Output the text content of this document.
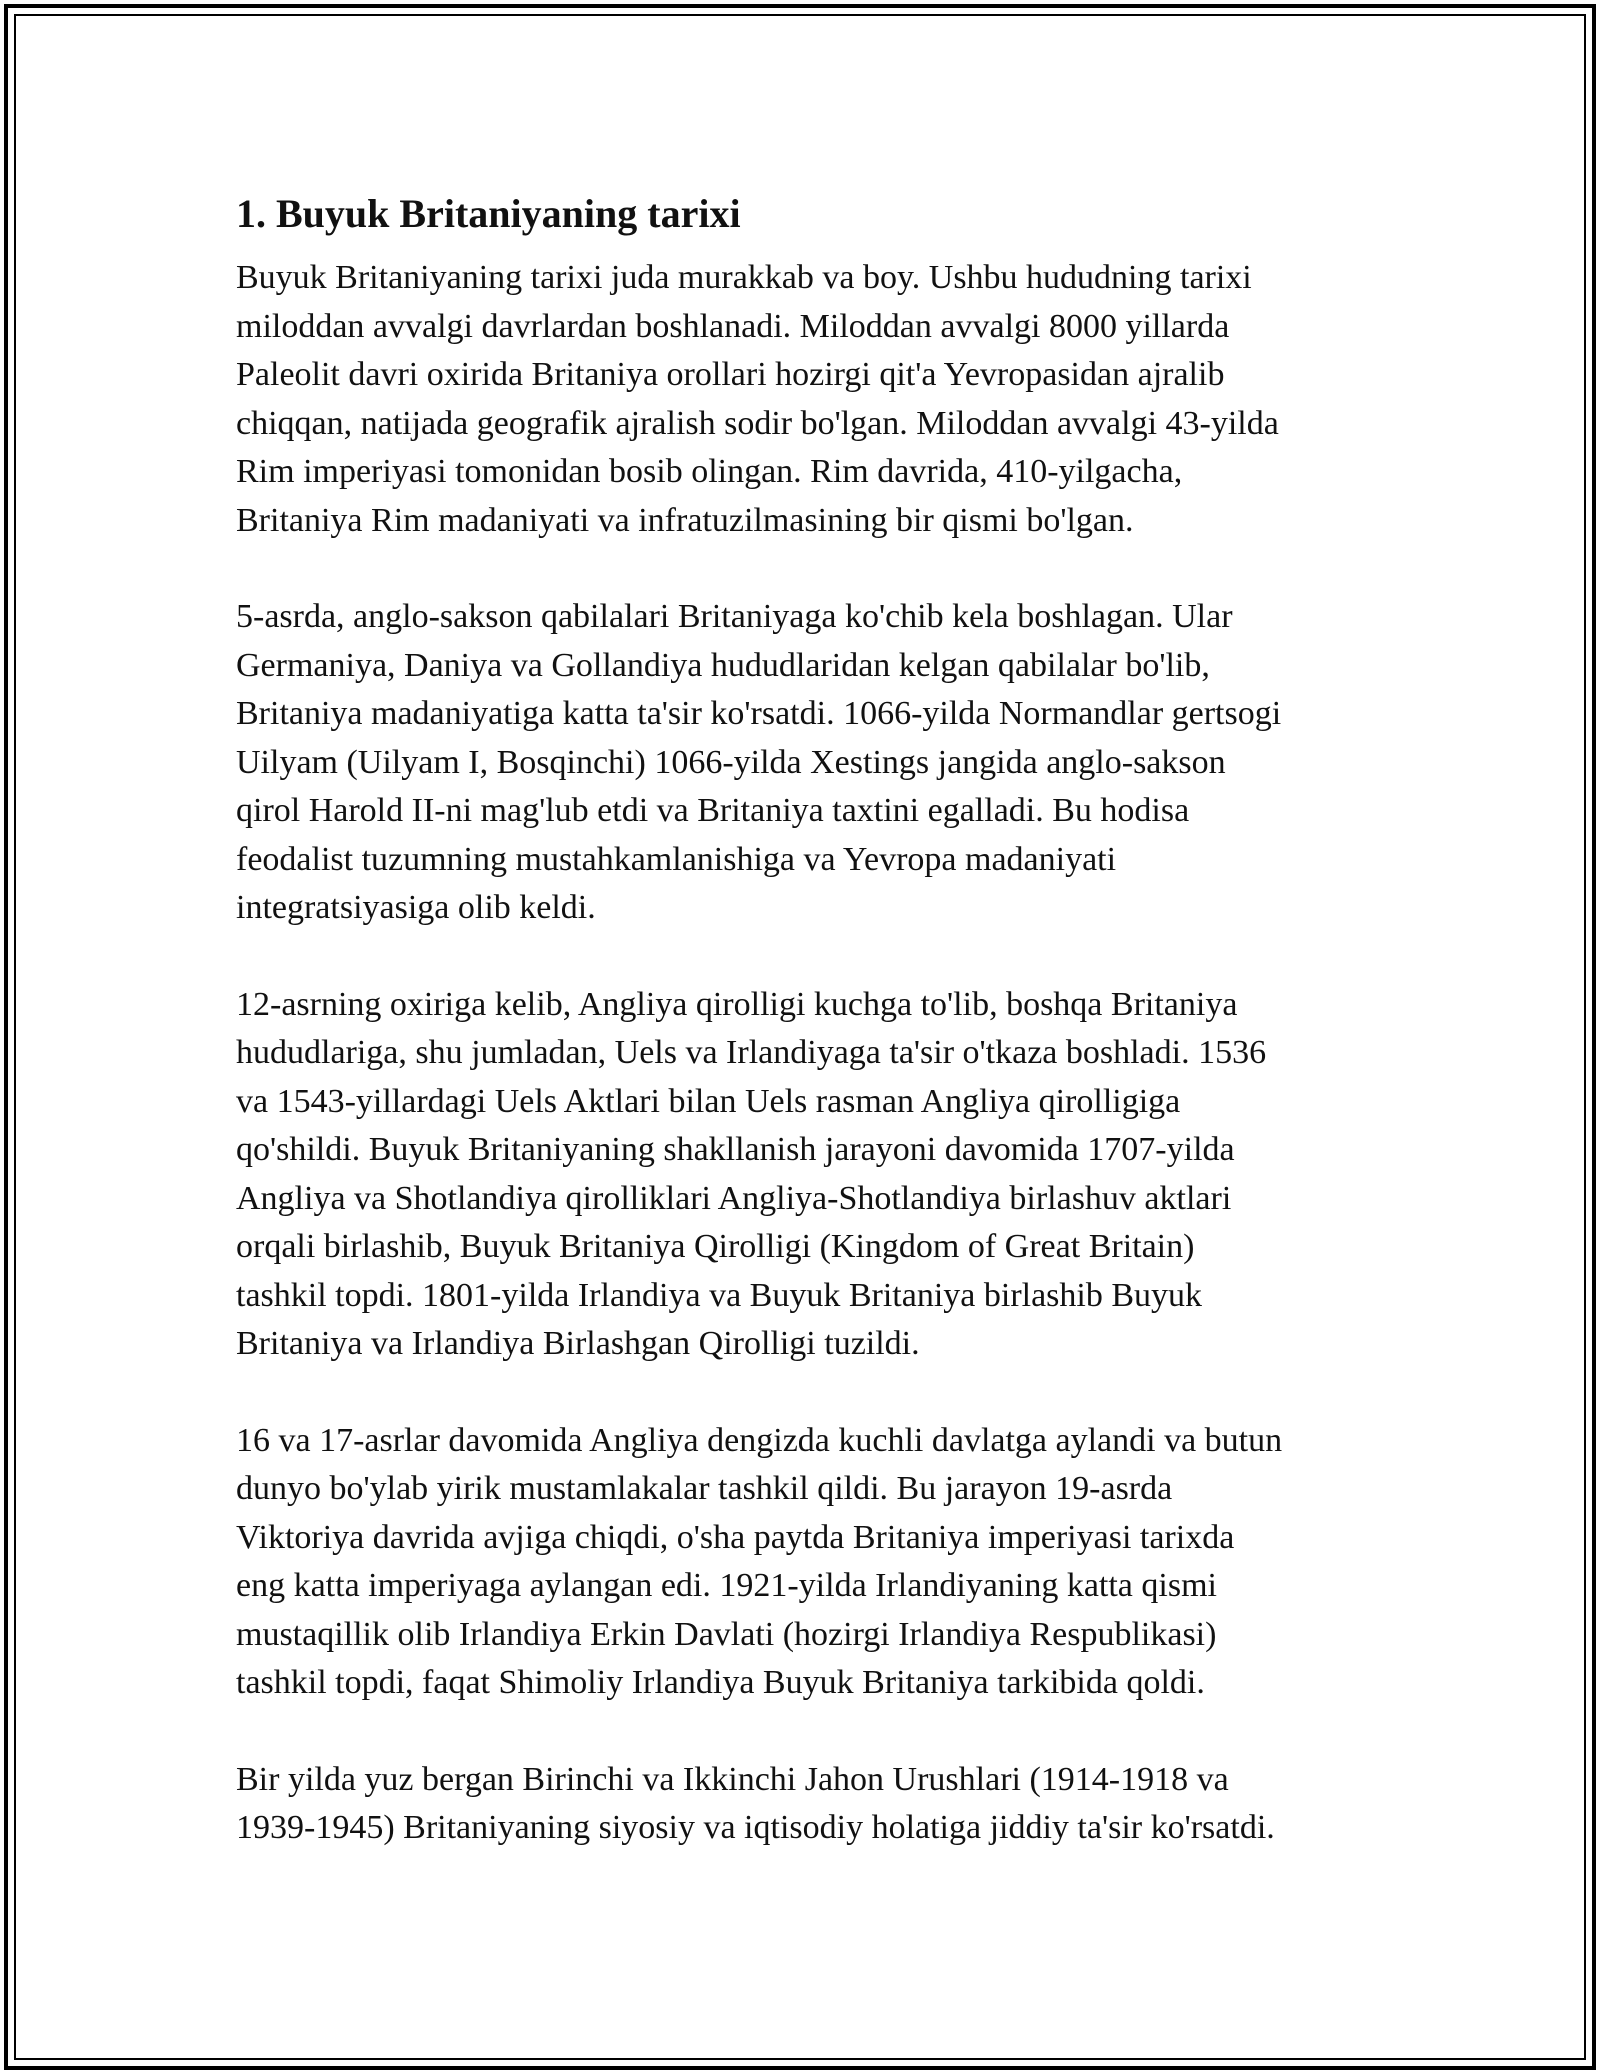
1. Buyuk Britaniyaning tarixi
Buyuk Britaniyaning tarixi juda murakkab va boy. Ushbu hududning tarixi
miloddan avvalgi davrlardan boshlanadi. Miloddan avvalgi 8000 yillarda
Paleolit davri oxirida Britaniya orollari hozirgi qit'a Yevropasidan ajralib
chiqqan, natijada geografik ajralish sodir bo'lgan. Miloddan avvalgi 43-yilda
Rim imperiyasi tomonidan bosib olingan. Rim davrida, 410-yilgacha,
Britaniya Rim madaniyati va infratuzilmasining bir qismi bo'lgan.
5-asrda, anglo-sakson qabilalari Britaniyaga ko'chib kela boshlagan. Ular
Germaniya, Daniya va Gollandiya hududlaridan kelgan qabilalar bo'lib,
Britaniya madaniyatiga katta ta'sir ko'rsatdi. 1066-yilda Normandlar gertsogi
Uilyam (Uilyam I, Bosqinchi) 1066-yilda Xestings jangida anglo-sakson
qirol Harold II-ni mag'lub etdi va Britaniya taxtini egalladi. Bu hodisa
feodalist tuzumning mustahkamlanishiga va Yevropa madaniyati
integratsiyasiga olib keldi.
12-asrning oxiriga kelib, Angliya qirolligi kuchga to'lib, boshqa Britaniya
hududlariga, shu jumladan, Uels va Irlandiyaga ta'sir o'tkaza boshladi. 1536
va 1543-yillardagi Uels Aktlari bilan Uels rasman Angliya qirolligiga
qo'shildi. Buyuk Britaniyaning shakllanish jarayoni davomida 1707-yilda
Angliya va Shotlandiya qirolliklari Angliya-Shotlandiya birlashuv aktlari
orqali birlashib, Buyuk Britaniya Qirolligi (Kingdom of Great Britain)
tashkil topdi. 1801-yilda Irlandiya va Buyuk Britaniya birlashib Buyuk
Britaniya va Irlandiya Birlashgan Qirolligi tuzildi.
16 va 17-asrlar davomida Angliya dengizda kuchli davlatga aylandi va butun
dunyo bo'ylab yirik mustamlakalar tashkil qildi. Bu jarayon 19-asrda
Viktoriya davrida avjiga chiqdi, o'sha paytda Britaniya imperiyasi tarixda
eng katta imperiyaga aylangan edi. 1921-yilda Irlandiyaning katta qismi
mustaqillik olib Irlandiya Erkin Davlati (hozirgi Irlandiya Respublikasi)
tashkil topdi, faqat Shimoliy Irlandiya Buyuk Britaniya tarkibida qoldi.
Bir yilda yuz bergan Birinchi va Ikkinchi Jahon Urushlari (1914-1918 va
1939-1945) Britaniyaning siyosiy va iqtisodiy holatiga jiddiy ta'sir ko'rsatdi.
